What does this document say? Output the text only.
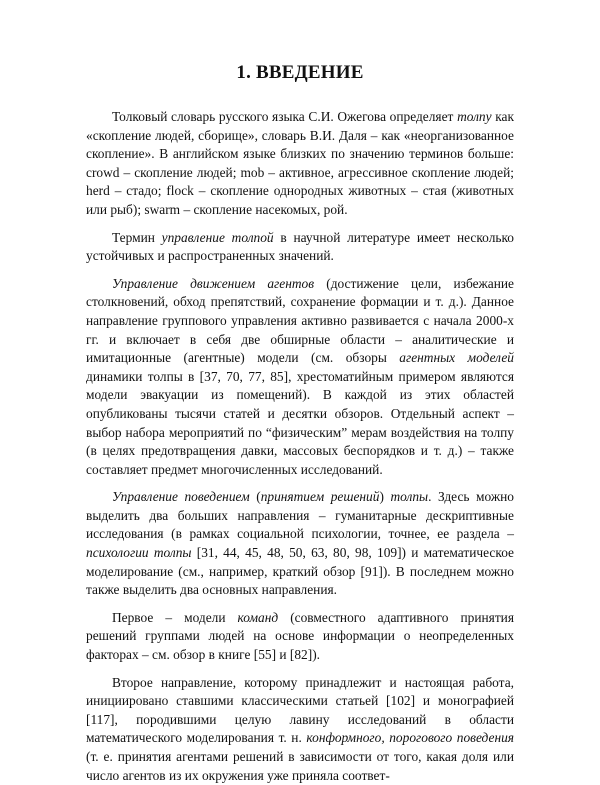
1. ВВЕДЕНИЕ

Толковый словарь русского языка С.И. Ожегова определяет толпу как «скопление людей, сборище», словарь В.И. Даля – как «неорганизованное скопление». В английском языке близких по значению терминов больше: crowd – скопление людей; mob – активное, агрессивное скопление людей; herd – стадо; flock – скопление однородных животных – стая (животных или рыб); swarm – скопление насекомых, рой.

Термин управление толпой в научной литературе имеет несколько устойчивых и распространенных значений.

Управление движением агентов (достижение цели, избежание столкновений, обход препятствий, сохранение формации и т. д.). Данное направление группового управления активно развивается с начала 2000-х гг. и включает в себя две обширные области – аналитические и имитационные (агентные) модели (см. обзоры агентных моделей динамики толпы в [37, 70, 77, 85], хрестоматийным примером являются модели эвакуации из помещений). В каждой из этих областей опубликованы тысячи статей и десятки обзоров. Отдельный аспект – выбор набора мероприятий по “физическим” мерам воздействия на толпу (в целях предотвращения давки, массовых беспорядков и т. д.) – также составляет предмет многочисленных исследований.

Управление поведением (принятием решений) толпы. Здесь можно выделить два больших направления – гуманитарные дескриптивные исследования (в рамках социальной психологии, точнее, ее раздела – психологии толпы [31, 44, 45, 48, 50, 63, 80, 98, 109]) и математическое моделирование (см., например, краткий обзор [91]). В последнем можно также выделить два основных направления.

Первое – модели команд (совместного адаптивного принятия решений группами людей на основе информации о неопределенных факторах – см. обзор в книге [55] и [82]).

Второе направление, которому принадлежит и настоящая работа, инициировано ставшими классическими статьей [102] и монографией [117], породившими целую лавину исследований в области математического моделирования т. н. конформного, порогового поведения (т. е. принятия агентами решений в зависимости от того, какая доля или число агентов из их окружения уже приняла соответ-
